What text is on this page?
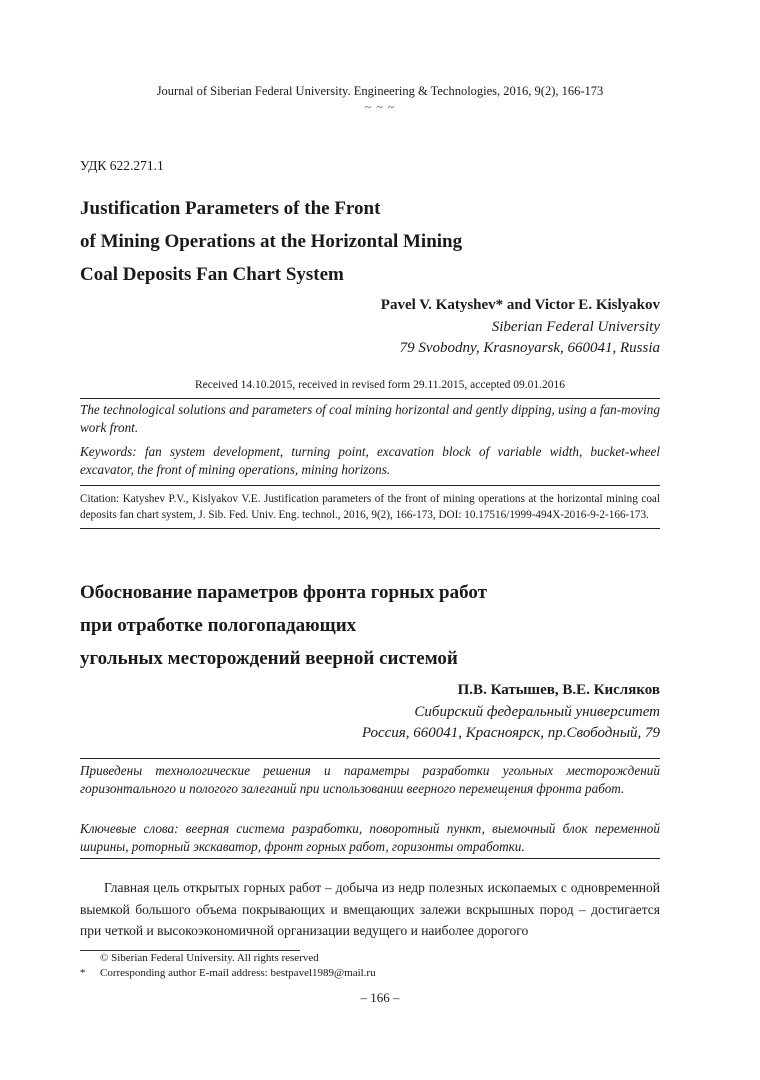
Journal of Siberian Federal University. Engineering & Technologies, 2016, 9(2), 166-173
~ ~ ~
УДК 622.271.1
Justification Parameters of the Front
of Mining Operations at the Horizontal Mining
Coal Deposits Fan Chart System
Pavel V. Katyshev* and Victor E. Kislyakov
Siberian Federal University
79 Svobodny, Krasnoyarsk, 660041, Russia
Received 14.10.2015, received in revised form 29.11.2015, accepted 09.01.2016
The technological solutions and parameters of coal mining horizontal and gently dipping, using a fan-moving work front.
Keywords: fan system development, turning point, excavation block of variable width, bucket-wheel excavator, the front of mining operations, mining horizons.
Citation: Katyshev P.V., Kislyakov V.E. Justification parameters of the front of mining operations at the horizontal mining coal deposits fan chart system, J. Sib. Fed. Univ. Eng. technol., 2016, 9(2), 166-173, DOI: 10.17516/1999-494X-2016-9-2-166-173.
Обоснование параметров фронта горных работ
при отработке пологопадающих
угольных месторождений веерной системой
П.В. Катышев, В.Е. Кисляков
Сибирский федеральный университет
Россия, 660041, Красноярск, пр.Свободный, 79
Приведены технологические решения и параметры разработки угольных месторождений горизонтального и пологого залеганий при использовании веерного перемещения фронта работ.
Ключевые слова: веерная система разработки, поворотный пункт, выемочный блок переменной ширины, роторный экскаватор, фронт горных работ, горизонты отработки.
Главная цель открытых горных работ – добыча из недр полезных ископаемых с одновременной выемкой большого объема покрывающих и вмещающих залежи вскрышных пород – достигается при четкой и высокоэкономичной организации ведущего и наиболее дорогого
© Siberian Federal University. All rights reserved
* Corresponding author E-mail address: bestpavel1989@mail.ru
– 166 –
